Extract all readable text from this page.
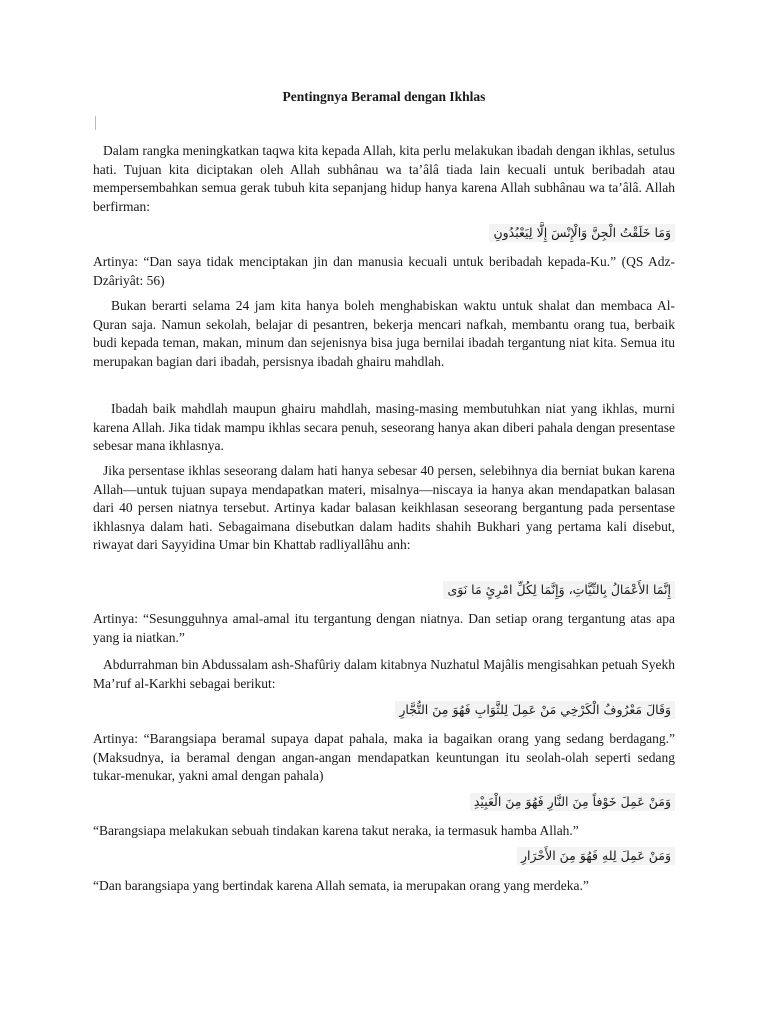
Pentingnya Beramal dengan Ikhlas

Dalam rangka meningkatkan taqwa kita kepada Allah, kita perlu melakukan ibadah dengan ikhlas, setulus hati. Tujuan kita diciptakan oleh Allah subhânau wa ta’âlâ tiada lain kecuali untuk beribadah atau mempersembahkan semua gerak tubuh kita sepanjang hidup hanya karena Allah subhânau wa ta’âlâ. Allah berfirman:

وَمَا خَلَقْتُ الْجِنَّ وَالْإِنْسَ إِلَّا لِيَعْبُدُونِ

Artinya: “Dan saya tidak menciptakan jin dan manusia kecuali untuk beribadah kepada-Ku.” (QS Adz-Dzâriyât: 56)

Bukan berarti selama 24 jam kita hanya boleh menghabiskan waktu untuk shalat dan membaca Al-Quran saja. Namun sekolah, belajar di pesantren, bekerja mencari nafkah, membantu orang tua, berbaik budi kepada teman, makan, minum dan sejenisnya bisa juga bernilai ibadah tergantung niat kita. Semua itu merupakan bagian dari ibadah, persisnya ibadah ghairu mahdlah.

Ibadah baik mahdlah maupun ghairu mahdlah, masing-masing membutuhkan niat yang ikhlas, murni karena Allah. Jika tidak mampu ikhlas secara penuh, seseorang hanya akan diberi pahala dengan presentase sebesar mana ikhlasnya.

Jika persentase ikhlas seseorang dalam hati hanya sebesar 40 persen, selebihnya dia berniat bukan karena Allah—untuk tujuan supaya mendapatkan materi, misalnya—niscaya ia hanya akan mendapatkan balasan dari 40 persen niatnya tersebut. Artinya kadar balasan keikhlasan seseorang bergantung pada persentase ikhlasnya dalam hati. Sebagaimana disebutkan dalam hadits shahih Bukhari yang pertama kali disebut, riwayat dari Sayyidina Umar bin Khattab radliyallâhu anh:

إِنَّمَا الأَعْمَالُ بِالنِّيَّاتِ، وَإِنَّمَا لِكُلِّ امْرِئٍ مَا نَوَى

Artinya: “Sesungguhnya amal-amal itu tergantung dengan niatnya. Dan setiap orang tergantung atas apa yang ia niatkan.”

Abdurrahman bin Abdussalam ash-Shafûriy dalam kitabnya Nuzhatul Majâlis mengisahkan petuah Syekh Ma’ruf al-Karkhi sebagai berikut:

وَقَالَ مَعْرُوفُ الْكَرْخِي مَنْ عَمِلَ لِلثَّوَابِ فَهُوَ مِنَ التُّجَّارِ

Artinya: “Barangsiapa beramal supaya dapat pahala, maka ia bagaikan orang yang sedang berdagang.” (Maksudnya, ia beramal dengan angan-angan mendapatkan keuntungan itu seolah-olah seperti sedang tukar-menukar, yakni amal dengan pahala)

وَمَنْ عَمِلَ خَوْفاً مِنَ النَّارِ فَهُوَ مِنَ الْعَبِيْدِ

“Barangsiapa melakukan sebuah tindakan karena takut neraka, ia termasuk hamba Allah.”

وَمَنْ عَمِلَ لِلهِ فَهُوَ مِنَ الأَحْرَارِ

“Dan barangsiapa yang bertindak karena Allah semata, ia merupakan orang yang merdeka.”
